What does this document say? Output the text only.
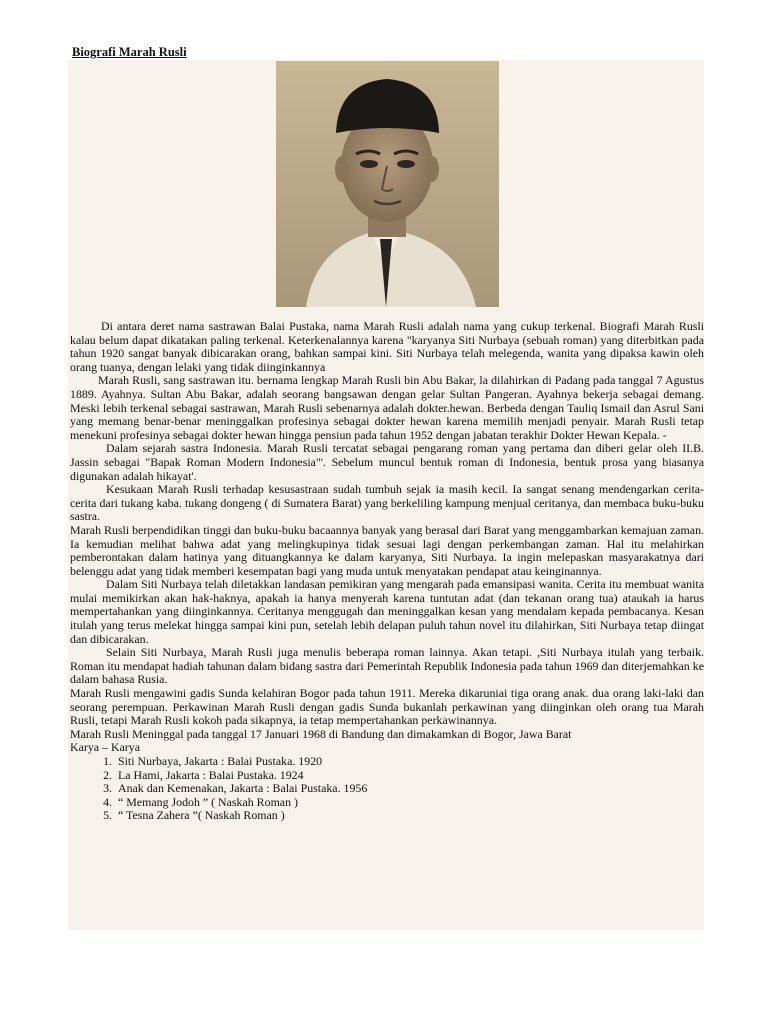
Biografi Marah Rusli

Di antara deret nama sastrawan Balai Pustaka, nama Marah Rusli adalah nama yang cukup terkenal. Biografi Marah Rusli kalau belum dapat dikatakan paling terkenal. Keterkenalannya karena "karyanya Siti Nurbaya (sebuah roman) yang diterbitkan pada tahun 1920 sangat banyak dibicarakan orang, bahkan sampai kini. Siti Nurbaya telah melegenda, wanita yang dipaksa kawin oleh orang tuanya, dengan lelaki yang tidak diinginkannya

Marah Rusli, sang sastrawan itu. bernama lengkap Marah Rusli bin Abu Bakar, la dilahirkan di Padang pada tanggal 7 Agustus 1889. Ayahnya. Sultan Abu Bakar, adalah seorang bangsawan dengan gelar Sultan Pangeran. Ayahnya bekerja sebagai demang. Meski lebih terkenal sebagai sastrawan, Marah Rusli sebenarnya adalah dokter.hewan. Berbeda dengan Tauliq Ismail dan Asrul Sani yang memang benar-benar meninggalkan profesinya sebagai dokter hewan karena memilih menjadi penyair. Marah Rusli tetap menekuni profesinya sebagai dokter hewan hingga pensiun pada tahun 1952 dengan jabatan terakhir Dokter Hewan Kepala. -

Dalam sejarah sastra Indonesia. Marah Rusli tercatat sebagai pengarang roman yang pertama dan diberi gelar oleh II.B. Jassin sebagai "Bapak Roman Modern Indonesia"'. Sebelum muncul bentuk roman di Indonesia, bentuk prosa yang biasanya digunakan adalah hikayat'.

Kesukaan Marah Rusli terhadap kesusastraan sudah tumbuh sejak ia masih kecil. Ia sangat senang mendengarkan cerita-cerita dari tukang kaba. tukang dongeng ( di Sumatera Barat) yang berkeliling kampung menjual ceritanya, dan membaca buku-buku sastra.

Marah Rusli berpendidikan tinggi dan buku-buku bacaannya banyak yang berasal dari Barat yang menggambarkan kemajuan zaman. Ia kemudian melihat bahwa adat yang melingkupinya tidak sesuai lagi dengan perkembangan zaman. Hal itu melahirkan pemberontakan dalam hatinya yang dituangkannya ke dalam karyanya, Siti Nurbaya. Ia ingin melepaskan masyarakatnya dari belenggu adat yang tidak memberi kesempatan bagi yang muda untuk menyatakan pendapat atau keinginannya.

Dalam Siti Nurbaya telah diletakkan landasan pemikiran yang mengarah pada emansipasi wanita. Cerita itu membuat wanita mulai memikirkan akan hak-haknya, apakah ia hanya menyerah karena tuntutan adat (dan tekanan orang tua) ataukah ia harus mempertahankan yang diinginkannya. Ceritanya menggugah dan meninggalkan kesan yang mendalam kepada pembacanya. Kesan itulah yang terus melekat hingga sampai kini pun, setelah lebih delapan puluh tahun novel itu dilahirkan, Siti Nurbaya tetap diingat dan dibicarakan.

Selain Siti Nurbaya, Marah Rusli juga menulis beberapa roman lainnya. Akan tetapi. ,Siti Nurbaya itulah yang terbaik. Roman itu mendapat hadiah tahunan dalam bidang sastra dari Pemerintah Republik Indonesia pada tahun 1969 dan diterjemahkan ke dalam bahasa Rusia.

Marah Rusli mengawini gadis Sunda kelahiran Bogor pada tahun 1911. Mereka dikaruniai tiga orang anak. dua orang laki-laki dan seorang perempuan. Perkawinan Marah Rusli dengan gadis Sunda bukanlah perkawinan yang diinginkan oleh orang tua Marah Rusli, tetapi Marah Rusli kokoh pada sikapnya, ia tetap mempertahankan perkawinannya.

Marah Rusli Meninggal pada tanggal 17 Januari 1968 di Bandung dan dimakamkan di Bogor, Jawa Barat

Karya – Karya

1. Siti Nurbaya, Jakarta : Balai Pustaka. 1920
2. La Hami, Jakarta : Balai Pustaka. 1924
3. Anak dan Kemenakan, Jakarta : Balai Pustaka. 1956
4. “ Memang Jodoh ” ( Naskah Roman )
5. “ Tesna Zahera ”( Naskah Roman )
